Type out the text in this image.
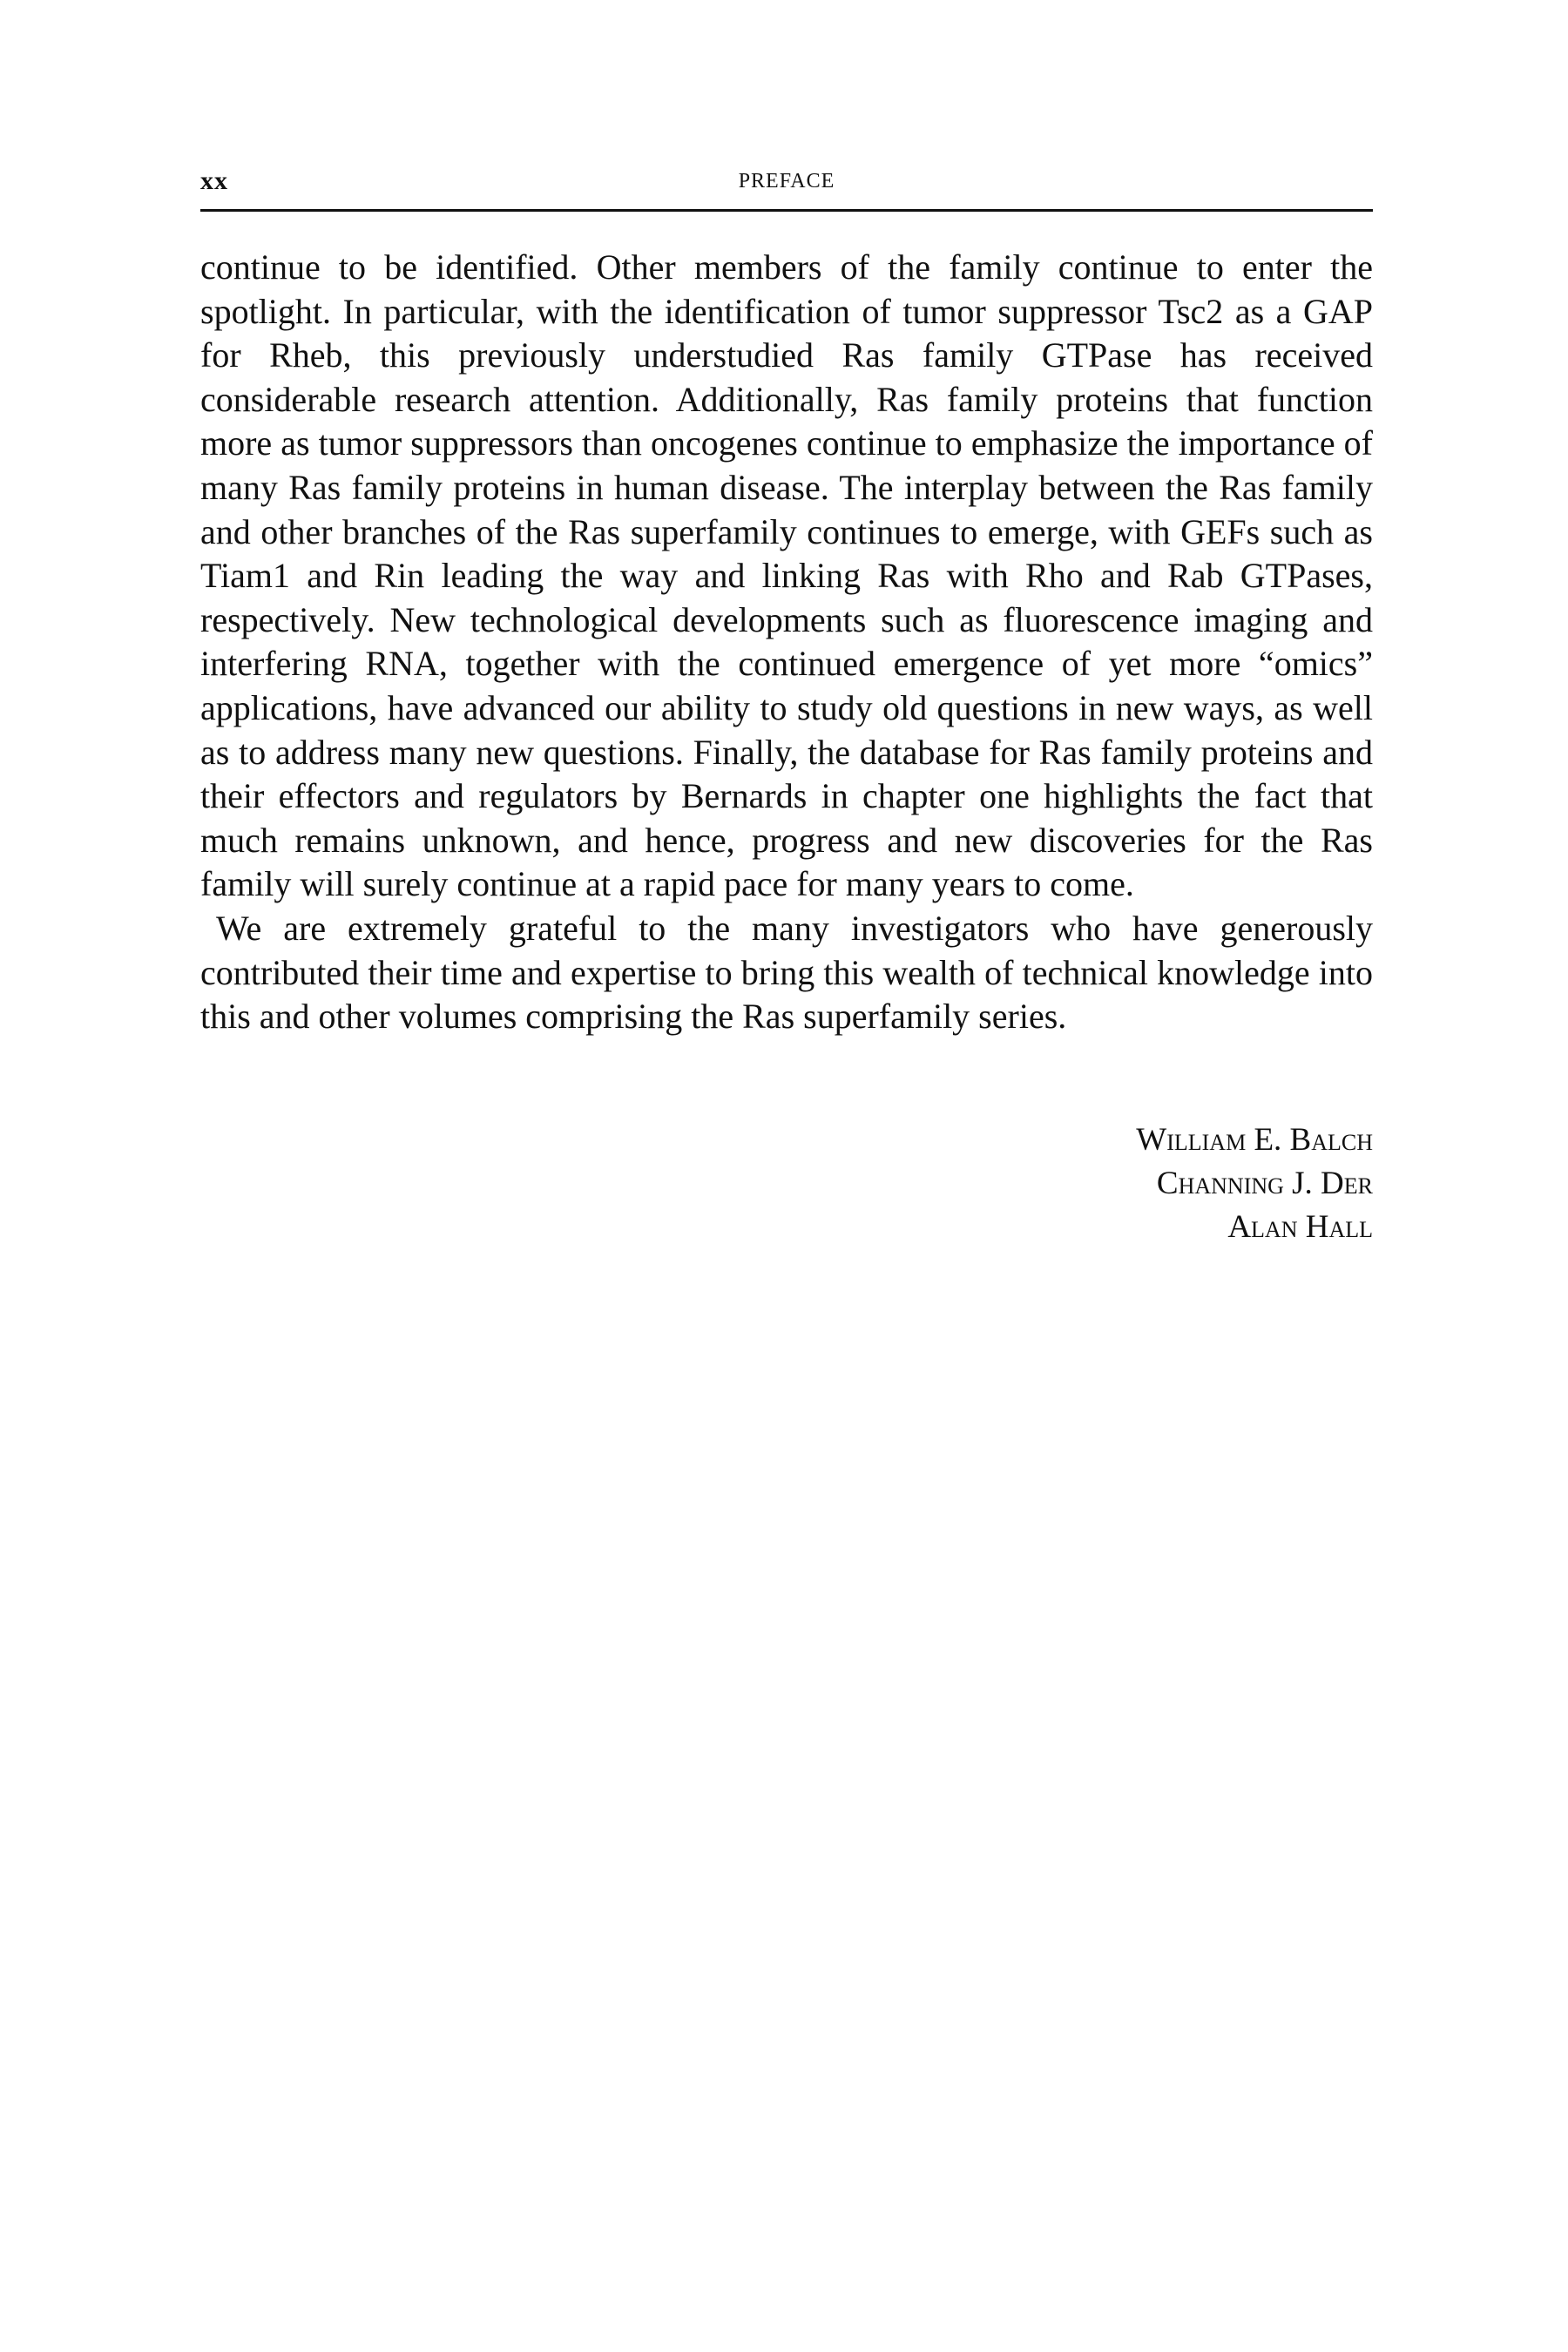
xx	PREFACE

continue to be identified. Other members of the family continue to enter the spotlight. In particular, with the identification of tumor suppressor Tsc2 as a GAP for Rheb, this previously understudied Ras family GTPase has received considerable research attention. Additionally, Ras family proteins that function more as tumor suppressors than oncogenes continue to emphasize the importance of many Ras family proteins in human disease. The interplay between the Ras family and other branches of the Ras superfamily continues to emerge, with GEFs such as Tiam1 and Rin leading the way and linking Ras with Rho and Rab GTPases, respectively. New technological developments such as fluorescence imaging and interfering RNA, together with the continued emergence of yet more “omics” applications, have advanced our ability to study old questions in new ways, as well as to address many new questions. Finally, the database for Ras family proteins and their effectors and regulators by Bernards in chapter one highlights the fact that much remains unknown, and hence, progress and new discoveries for the Ras family will surely continue at a rapid pace for many years to come.

We are extremely grateful to the many investigators who have generously contributed their time and expertise to bring this wealth of technical knowledge into this and other volumes comprising the Ras superfamily series.

William E. Balch
Channing J. Der
Alan Hall
